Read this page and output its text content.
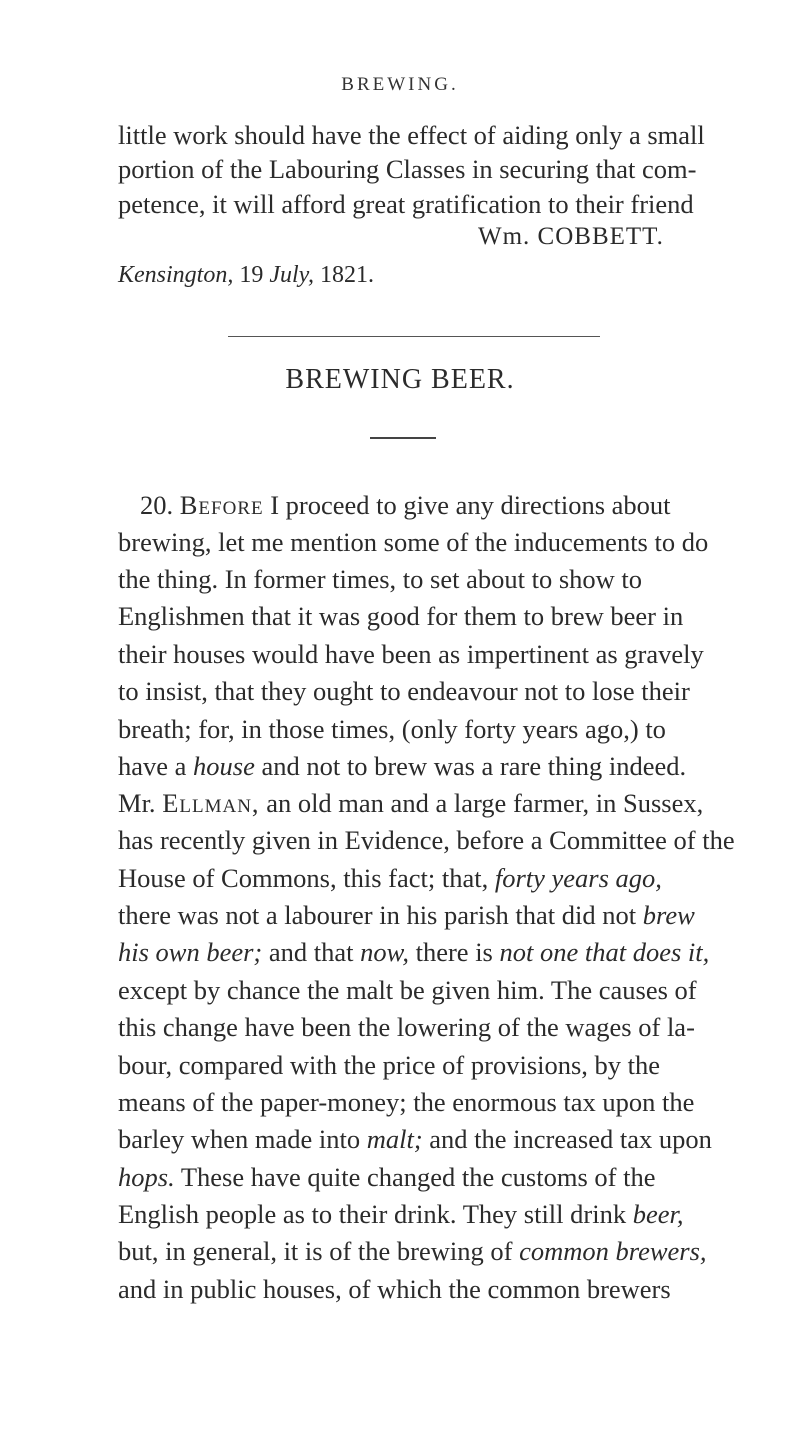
BREWING.
little work should have the effect of aiding only a small
portion of the Labouring Classes in securing that com-
petence, it will afford great gratification to their friend
Wm. COBBETT.
Kensington, 19 July, 1821.
BREWING BEER.
20. Before I proceed to give any directions about
brewing, let me mention some of the inducements to do
the thing. In former times, to set about to show to
Englishmen that it was good for them to brew beer in
their houses would have been as impertinent as gravely
to insist, that they ought to endeavour not to lose their
breath; for, in those times, (only forty years ago,) to
have a house and not to brew was a rare thing indeed.
Mr. Ellman, an old man and a large farmer, in Sussex,
has recently given in Evidence, before a Committee of the
House of Commons, this fact; that, forty years ago,
there was not a labourer in his parish that did not brew
his own beer; and that now, there is not one that does it,
except by chance the malt be given him. The causes of
this change have been the lowering of the wages of la-
bour, compared with the price of provisions, by the
means of the paper-money; the enormous tax upon the
barley when made into malt; and the increased tax upon
hops. These have quite changed the customs of the
English people as to their drink. They still drink beer,
but, in general, it is of the brewing of common brewers,
and in public houses, of which the common brewers
